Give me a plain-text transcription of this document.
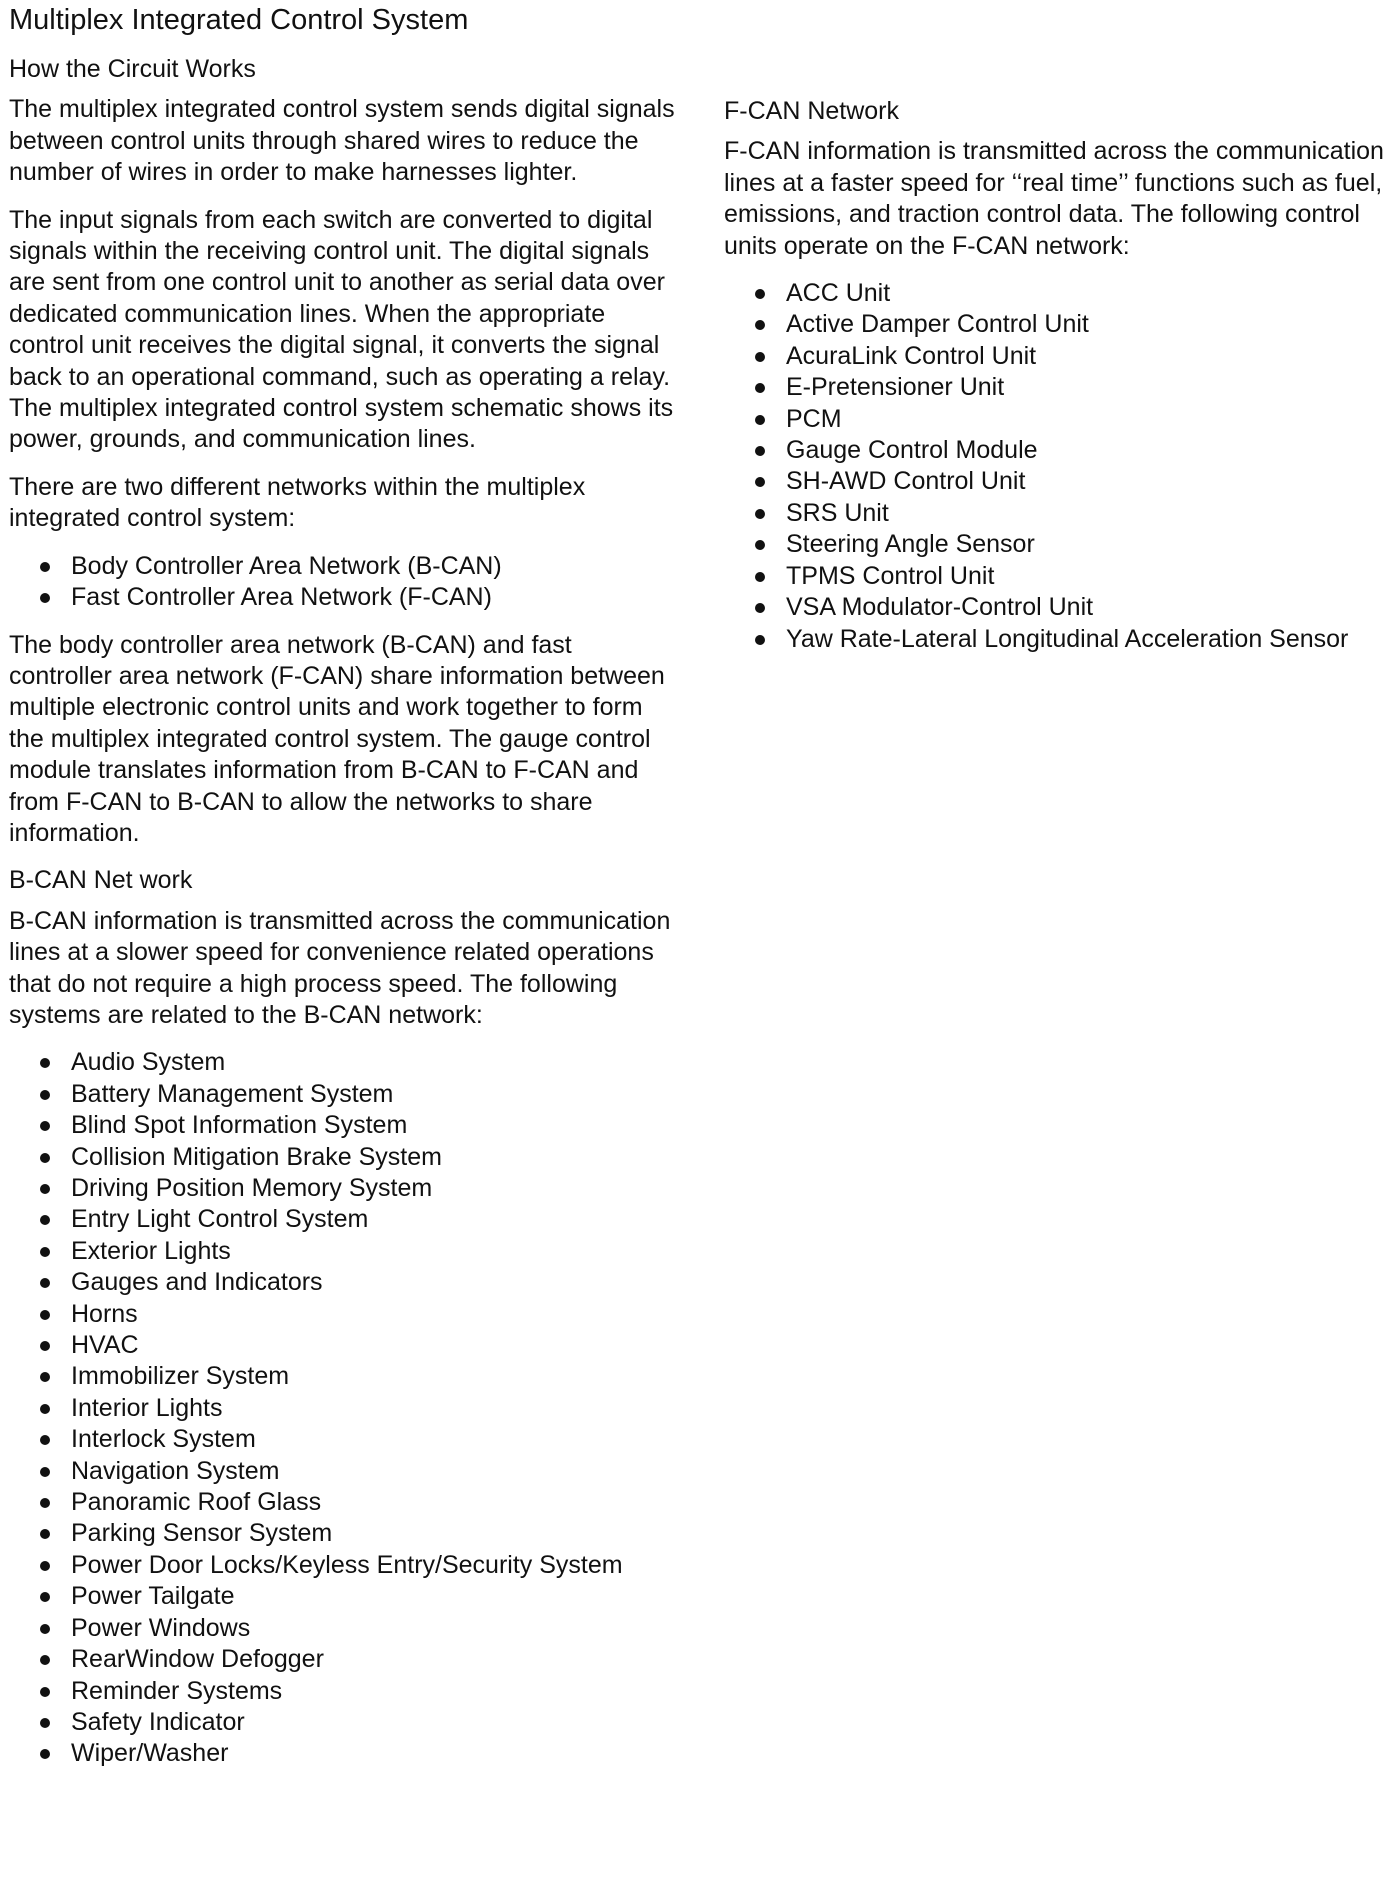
Multiplex Integrated Control System
How the Circuit Works

The multiplex integrated control system sends digital signals between control units through shared wires to reduce the number of wires in order to make harnesses lighter.

The input signals from each switch are converted to digital signals within the receiving control unit. The digital signals are sent from one control unit to another as serial data over dedicated communication lines. When the appropriate control unit receives the digital signal, it converts the signal back to an operational command, such as operating a relay. The multiplex integrated control system schematic shows its power, grounds, and communication lines.

There are two different networks within the multiplex integrated control system:

Body Controller Area Network (B-CAN)
Fast Controller Area Network (F-CAN)

The body controller area network (B-CAN) and fast controller area network (F-CAN) share information between multiple electronic control units and work together to form the multiplex integrated control system. The gauge control module translates information from B-CAN to F-CAN and from F-CAN to B-CAN to allow the networks to share information.

B-CAN Net work

B-CAN information is transmitted across the communication lines at a slower speed for convenience related operations that do not require a high process speed. The following systems are related to the B-CAN network:

Audio System
Battery Management System
Blind Spot Information System
Collision Mitigation Brake System
Driving Position Memory System
Entry Light Control System
Exterior Lights
Gauges and Indicators
Horns
HVAC
Immobilizer System
Interior Lights
Interlock System
Navigation System
Panoramic Roof Glass
Parking Sensor System
Power Door Locks/Keyless Entry/Security System
Power Tailgate
Power Windows
RearWindow Defogger
Reminder Systems
Safety Indicator
Wiper/Washer
F-CAN Network

F-CAN information is transmitted across the communication lines at a faster speed for ‘‘real time’’ functions such as fuel, emissions, and traction control data. The following control units operate on the F-CAN network:

ACC Unit
Active Damper Control Unit
AcuraLink Control Unit
E-Pretensioner Unit
PCM
Gauge Control Module
SH-AWD Control Unit
SRS Unit
Steering Angle Sensor
TPMS Control Unit
VSA Modulator-Control Unit
Yaw Rate-Lateral Longitudinal Acceleration Sensor
